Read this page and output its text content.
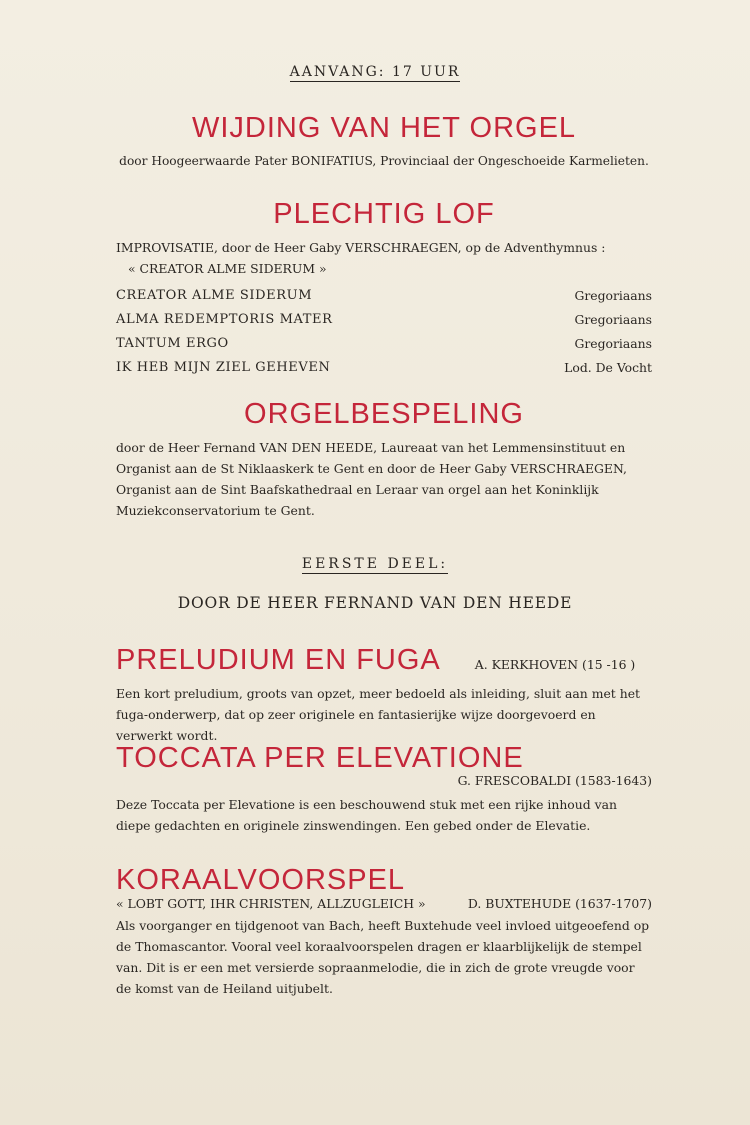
AANVANG: 17 UUR
WIJDING VAN HET ORGEL

door Hoogeerwaarde Pater BONIFATIUS, Provinciaal der Ongeschoeide Karmelieten.

PLECHTIG LOF

IMPROVISATIE, door de Heer Gaby VERSCHRAEGEN, op de Adventhymnus :

« CREATOR ALME SIDERUM »

CREATOR ALME SIDERUM	Gregoriaans
ALMA REDEMPTORIS MATER	Gregoriaans
TANTUM ERGO	Gregoriaans
IK HEB MIJN ZIEL GEHEVEN	Lod. De Vocht
ORGELBESPELING

door de Heer Fernand VAN DEN HEEDE, Laureaat van het Lemmensinstituut en Organist aan de St Niklaaskerk te Gent en door de Heer Gaby VERSCHRAEGEN, Organist aan de Sint Baafskathedraal en Leraar van orgel aan het Koninklijk Muziekconservatorium te Gent.

EERSTE DEEL:
DOOR DE HEER FERNAND VAN DEN HEEDE
PRELUDIUM EN FUGA	A. KERKHOVEN (15 -16 )

Een kort preludium, groots van opzet, meer bedoeld als inleiding, sluit aan met het fuga-onderwerp, dat op zeer originele en fantasierijke wijze doorgevoerd en verwerkt wordt.

TOCCATA PER ELEVATIONE
G. FRESCOBALDI (1583-1643)

Deze Toccata per Elevatione is een beschouwend stuk met een rijke inhoud van diepe gedachten en originele zinswendingen. Een gebed onder de Elevatie.

KORAALVOORSPEL
« LOBT GOTT, IHR CHRISTEN, ALLZUGLEICH »	D. BUXTEHUDE (1637-1707)

Als voorganger en tijdgenoot van Bach, heeft Buxtehude veel invloed uitgeoefend op de Thomascantor. Vooral veel koraalvoorspelen dragen er klaarblijkelijk de stempel van. Dit is er een met versierde sopraanmelodie, die in zich de grote vreugde voor de komst van de Heiland uitjubelt.
